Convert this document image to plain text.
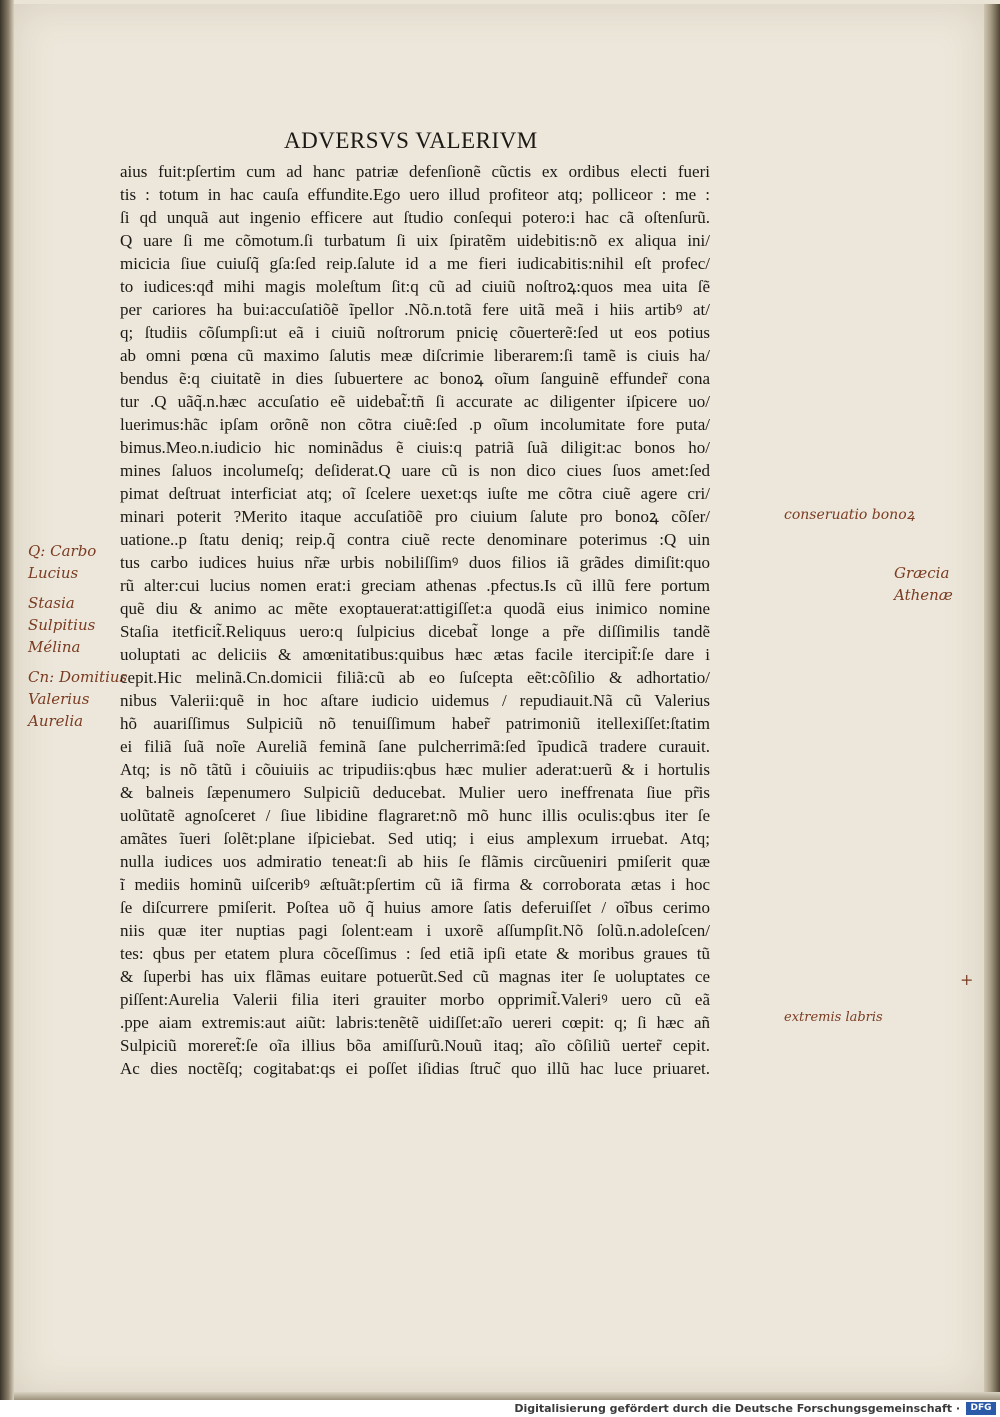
ADVERSVS VALERIVM
aius fuit:pſertim cum ad hanc patriæ defenſionẽ cũctis ex ordibus electi fueri
tis : totum in hac cauſa effundite.Ego uero illud profiteor atq; polliceor : me :
ſi qd unquã aut ingenio efficere aut ſtudio conſequi potero:i hac cã oſtenſurũ.
Q uare ſi me cõmotum.ſi turbatum ſi uix ſpiratẽm uidebitis:nõ ex aliqua ini/
micicia ſiue cuiuſq̃ gſa:ſed reip.ſalute id a me fieri iudicabitis:nihil eſt profec/
to iudices:qđ mihi magis moleſtum ſit:q cũ ad ciuiũ noſtroꝝ:quos mea uita ſẽ
per cariores ha bui:accuſatiõẽ ĩpellor .Nõ.n.totã fere uitã meã i hiis artibꝰ at/
q; ſtudiis cõſumpſi:ut eã i ciuiũ noſtrorum pnicię cõuerterẽ:ſed ut eos potius
ab omni pœna cũ maximo ſalutis meæ diſcrimie liberarem:ſi tamẽ is ciuis ha/
bendus ẽ:q ciuitatẽ in dies ſubuertere ac bonoꝝ oĩum ſanguinẽ effunder̃ cona
tur .Q uãq̃.n.hæc accuſatio eẽ uidebat̃:tñ ſi accurate ac diligenter iſpicere uo/
luerimus:hãc ipſam orõnẽ non cõtra ciuẽ:ſed .p oĩum incolumitate fore puta/
bimus.Meo.n.iudicio hic nominãdus ẽ ciuis:q patriã ſuã diligit:ac bonos ho/
mines ſaluos incolumeſq; deſiderat.Q uare cũ is non dico ciues ſuos amet:ſed
pimat deſtruat interficiat atq; oĩ ſcelere uexet:qs iuſte me cõtra ciuẽ agere cri/
minari poterit ?Merito itaque accuſatiõẽ pro ciuium ſalute pro bonoꝝ cõſer/
uatione..p ſtatu deniq; reip.q̃ contra ciuẽ recte denominare poterimus :Q uin
tus carbo iudices huius nr̃æ urbis nobiliſſimꝰ duos filios iã grãdes dimiſit:quo
rũ alter:cui lucius nomen erat:i greciam athenas .pfectus.Is cũ illũ fere portum
quẽ diu & animo ac mẽte exoptauerat:attigiſſet:a quodã eius inimico nomine
Staſia itetficit̃.Reliquus uero:q ſulpicius dicebat̃ longe a pr̃e diſſimilis tandẽ
uoluptati ac deliciis & amœnitatibus:quibus hæc ætas facile itercipit̃:ſe dare i
cepit.Hic melinã.Cn.domicii filiã:cũ ab eo ſuſcepta eẽt:cõſilio & adhortatio/
nibus Valerii:quẽ in hoc aſtare iudicio uidemus / repudiauit.Nã cũ Valerius
hõ auariſſimus Sulpiciũ nõ tenuiſſimum haber̃ patrimoniũ itellexiſſet:ſtatim
ei filiã ſuã noĩe Aureliã feminã ſane pulcherrimã:ſed ĩpudicã tradere curauit.
Atq; is nõ tãtũ i cõuiuiis ac tripudiis:qbus hæc mulier aderat:uerũ & i hortulis
& balneis ſæpenumero Sulpiciũ deducebat. Mulier uero ineffrenata ſiue pr̃is
uolũtatẽ agnoſceret / ſiue libidine flagraret:nõ mõ hunc illis oculis:qbus iter ſe
amãtes ĩueri ſolẽt:plane iſpiciebat. Sed utiq; i eius amplexum irruebat. Atq;
nulla iudices uos admiratio teneat:ſi ab hiis ſe flãmis circũueniri pmiſerit quæ
ĩ mediis hominũ uiſceribꝰ æſtuãt:pſertim cũ iã firma & corroborata ætas i hoc
ſe diſcurrere pmiſerit. Poſtea uõ q̃ huius amore ſatis deferuiſſet / oĩbus cerimo
niis quæ iter nuptias pagi ſolent:eam i uxorẽ aſſumpſit.Nõ ſolũ.n.adoleſcen/
tes: qbus per etatem plura cõceſſimus : ſed etiã ipſi etate & moribus graues tũ
& ſuperbi has uix flãmas euitare potuerũt.Sed cũ magnas iter ſe uoluptates ce
piſſent:Aurelia Valerii filia iteri grauiter morbo opprimit̃.Valeriꝰ uero cũ eã
.ppe aiam extremis:aut aiũt: labris:tenẽtẽ uidiſſet:aĩo uereri cœpit: q; ſi hæc añ
Sulpiciũ moreret̃:ſe oĩa illius bõa amiſſurũ.Nouũ itaq; aĩo cõſiliũ uerter̃ cepit.
Ac dies noctẽſq; cogitabat:qs ei poſſet iſidias ſtruc̃ quo illũ hac luce priuaret.
Q: Carbo
Lucius
Stasia
Sulpitius
Mélina
Cn: Domitius
Valerius
Aurelia
conseruatio bonoꝝ
Græcia
Athenæ
+
extremis labris
Digitalisierung gefördert durch die Deutsche Forschungsgemeinschaft ·	DFG
